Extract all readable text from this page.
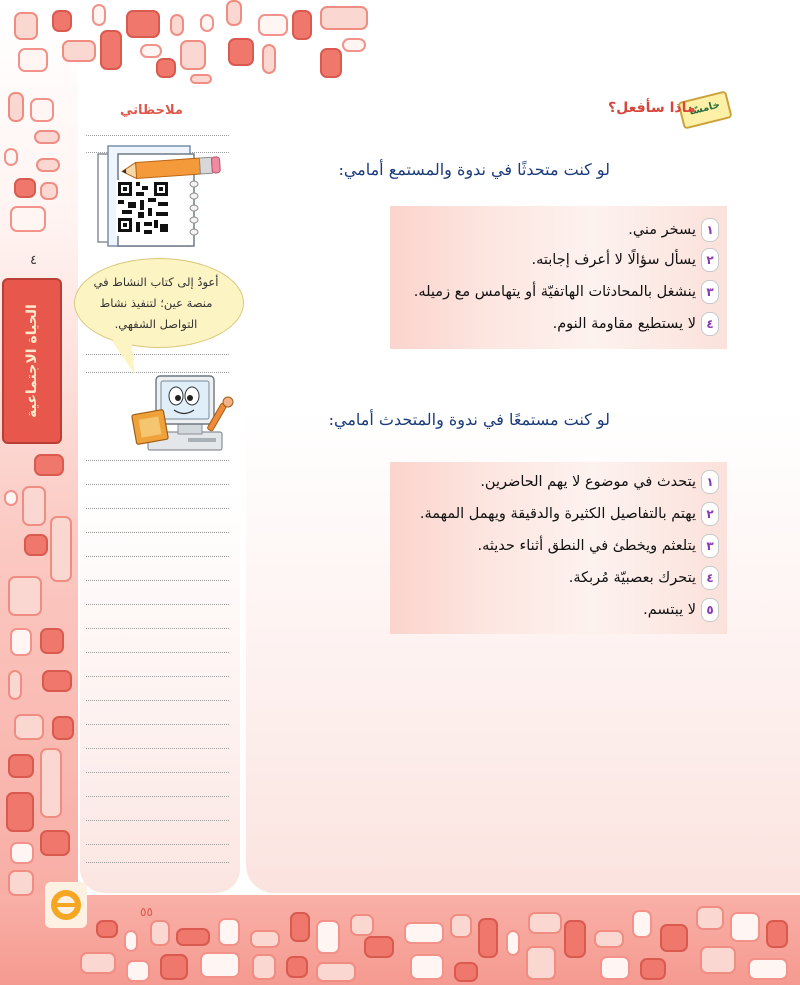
٤
الحياة الاجتماعية
ملاحظاتي
أعودُ إلى كتاب النشاط في منصة عين؛ لتنفيذ نشاط التواصل الشفهي.
خامسًا
ماذا سأفعل؟
لو كنت متحدثًا في ندوة والمستمع أمامي:
١يسخر مني.
٢يسأل سؤالًا لا أعرف إجابته.
٣ينشغل بالمحادثات الهاتفيّة أو يتهامس مع زميله.
٤لا يستطيع مقاومة النوم.
لو كنت مستمعًا في ندوة والمتحدث أمامي:
١يتحدث في موضوع لا يهم الحاضرين.
٢يهتم بالتفاصيل الكثيرة والدقيقة ويهمل المهمة.
٣يتلعثم ويخطئ في النطق أثناء حديثه.
٤يتحرك بعصبيّة مُربكة.
٥لا يبتسم.
٥٥
